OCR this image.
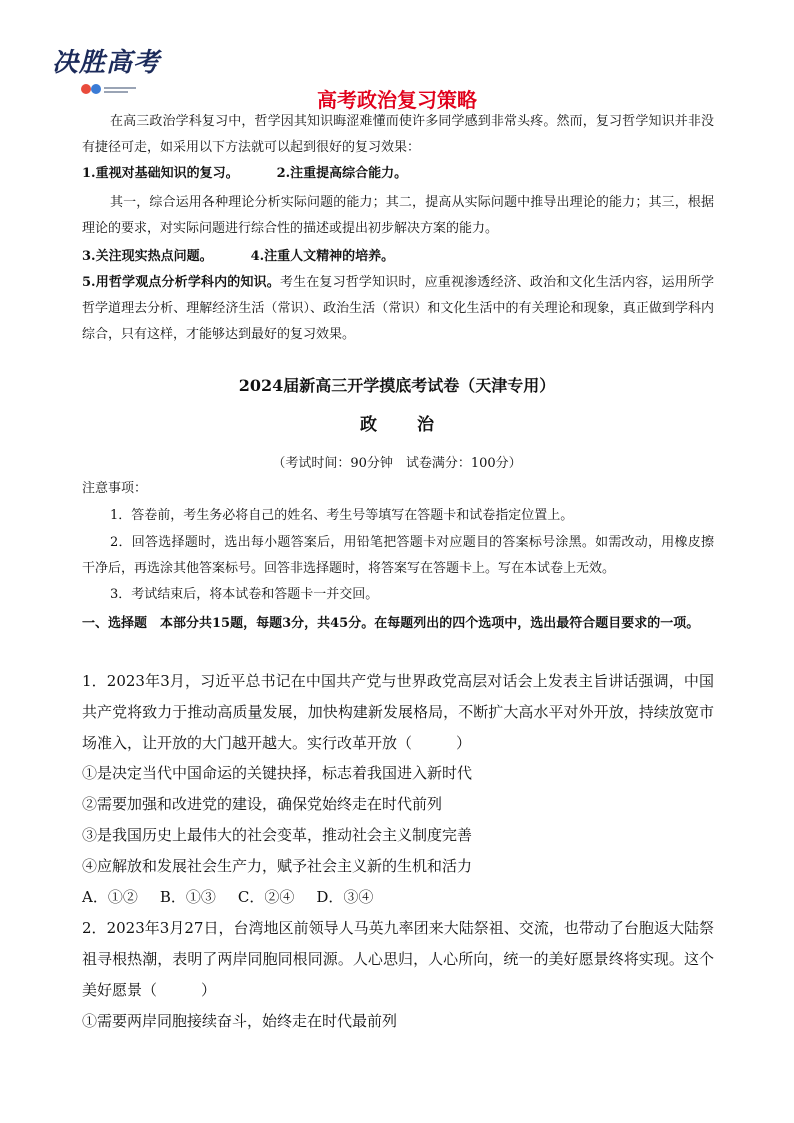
决胜高考
高考政治复习策略
在高三政治学科复习中，哲学因其知识晦涩难懂而使许多同学感到非常头疼。然而，复习哲学知识并非没有捷径可走，如采用以下方法就可以起到很好的复习效果：
1.重视对基础知识的复习。	2.注重提高综合能力。
其一，综合运用各种理论分析实际问题的能力；其二，提高从实际问题中推导出理论的能力；其三，根据理论的要求，对实际问题进行综合性的描述或提出初步解决方案的能力。
3.关注现实热点问题。	4.注重人文精神的培养。
5.用哲学观点分析学科内的知识。考生在复习哲学知识时，应重视渗透经济、政治和文化生活内容，运用所学哲学道理去分析、理解经济生活（常识）、政治生活（常识）和文化生活中的有关理论和现象，真正做到学科内综合，只有这样，才能够达到最好的复习效果。
2024届新高三开学摸底考试卷（天津专用）
政治
（考试时间：90分钟　试卷满分：100分）
注意事项：
1．答卷前，考生务必将自己的姓名、考生号等填写在答题卡和试卷指定位置上。
2．回答选择题时，选出每小题答案后，用铅笔把答题卡对应题目的答案标号涂黑。如需改动，用橡皮擦干净后，再选涂其他答案标号。回答非选择题时，将答案写在答题卡上。写在本试卷上无效。
3．考试结束后，将本试卷和答题卡一并交回。
一、选择题　本部分共15题，每题3分，共45分。在每题列出的四个选项中，选出最符合题目要求的一项。
1．2023年3月，习近平总书记在中国共产党与世界政党高层对话会上发表主旨讲话强调，中国共产党将致力于推动高质量发展，加快构建新发展格局，不断扩大高水平对外开放，持续放宽市场准入，让开放的大门越开越大。实行改革开放（	）
①是决定当代中国命运的关键抉择，标志着我国进入新时代
②需要加强和改进党的建设，确保党始终走在时代前列
③是我国历史上最伟大的社会变革，推动社会主义制度完善
④应解放和发展社会生产力，赋予社会主义新的生机和活力
A．①② B．①③ C．②④ D．③④
2．2023年3月27日，台湾地区前领导人马英九率团来大陆祭祖、交流，也带动了台胞返大陆祭祖寻根热潮，表明了两岸同胞同根同源。人心思归，人心所向，统一的美好愿景终将实现。这个美好愿景（	）
①需要两岸同胞接续奋斗，始终走在时代最前列
